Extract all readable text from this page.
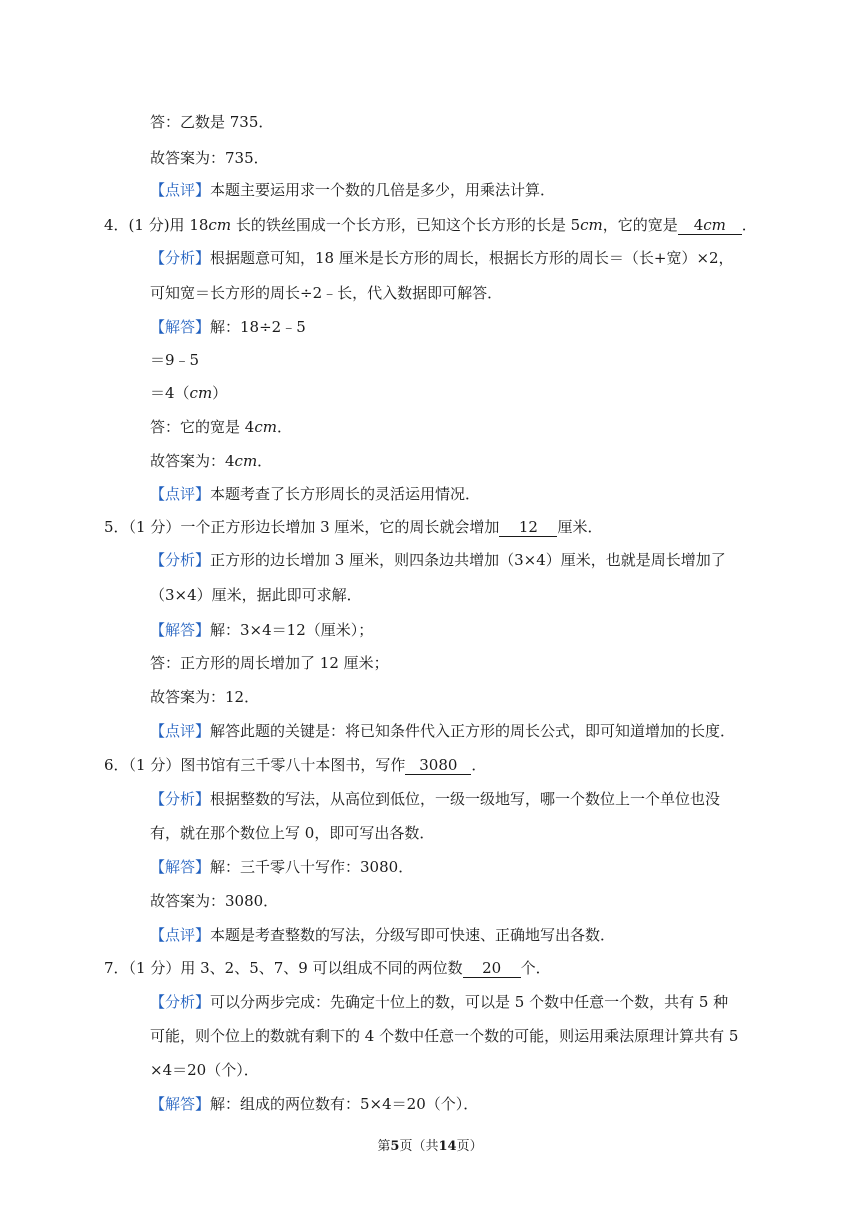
答：乙数是 735．
故答案为：735．
【点评】本题主要运用求一个数的几倍是多少，用乘法计算．
4．(1 分)用 18cm 长的铁丝围成一个长方形，已知这个长方形的长是 5cm，它的宽是 4cm ．
【分析】根据题意可知，18 厘米是长方形的周长，根据长方形的周长＝（长+宽）×2，
可知宽＝长方形的周长÷2﹣长，代入数据即可解答．
【解答】解：18÷2﹣5
＝9﹣5
＝4（cm）
答：它的宽是 4cm．
故答案为：4cm．
【点评】本题考查了长方形周长的灵活运用情况．
5．（1 分）一个正方形边长增加 3 厘米，它的周长就会增加 12 厘米．
【分析】正方形的边长增加 3 厘米，则四条边共增加（3×4）厘米，也就是周长增加了
（3×4）厘米，据此即可求解．
【解答】解：3×4＝12（厘米）；
答：正方形的周长增加了 12 厘米；
故答案为：12．
【点评】解答此题的关键是：将已知条件代入正方形的周长公式，即可知道增加的长度．
6．（1 分）图书馆有三千零八十本图书，写作 3080 ．
【分析】根据整数的写法，从高位到低位，一级一级地写，哪一个数位上一个单位也没
有，就在那个数位上写 0，即可写出各数．
【解答】解：三千零八十写作：3080．
故答案为：3080．
【点评】本题是考查整数的写法，分级写即可快速、正确地写出各数．
7．（1 分）用 3、2、5、7、9 可以组成不同的两位数 20 个．
【分析】可以分两步完成：先确定十位上的数，可以是 5 个数中任意一个数，共有 5 种
可能，则个位上的数就有剩下的 4 个数中任意一个数的可能，则运用乘法原理计算共有 5
×4＝20（个）．
【解答】解：组成的两位数有：5×4＝20（个）．
第5页（共14页）
